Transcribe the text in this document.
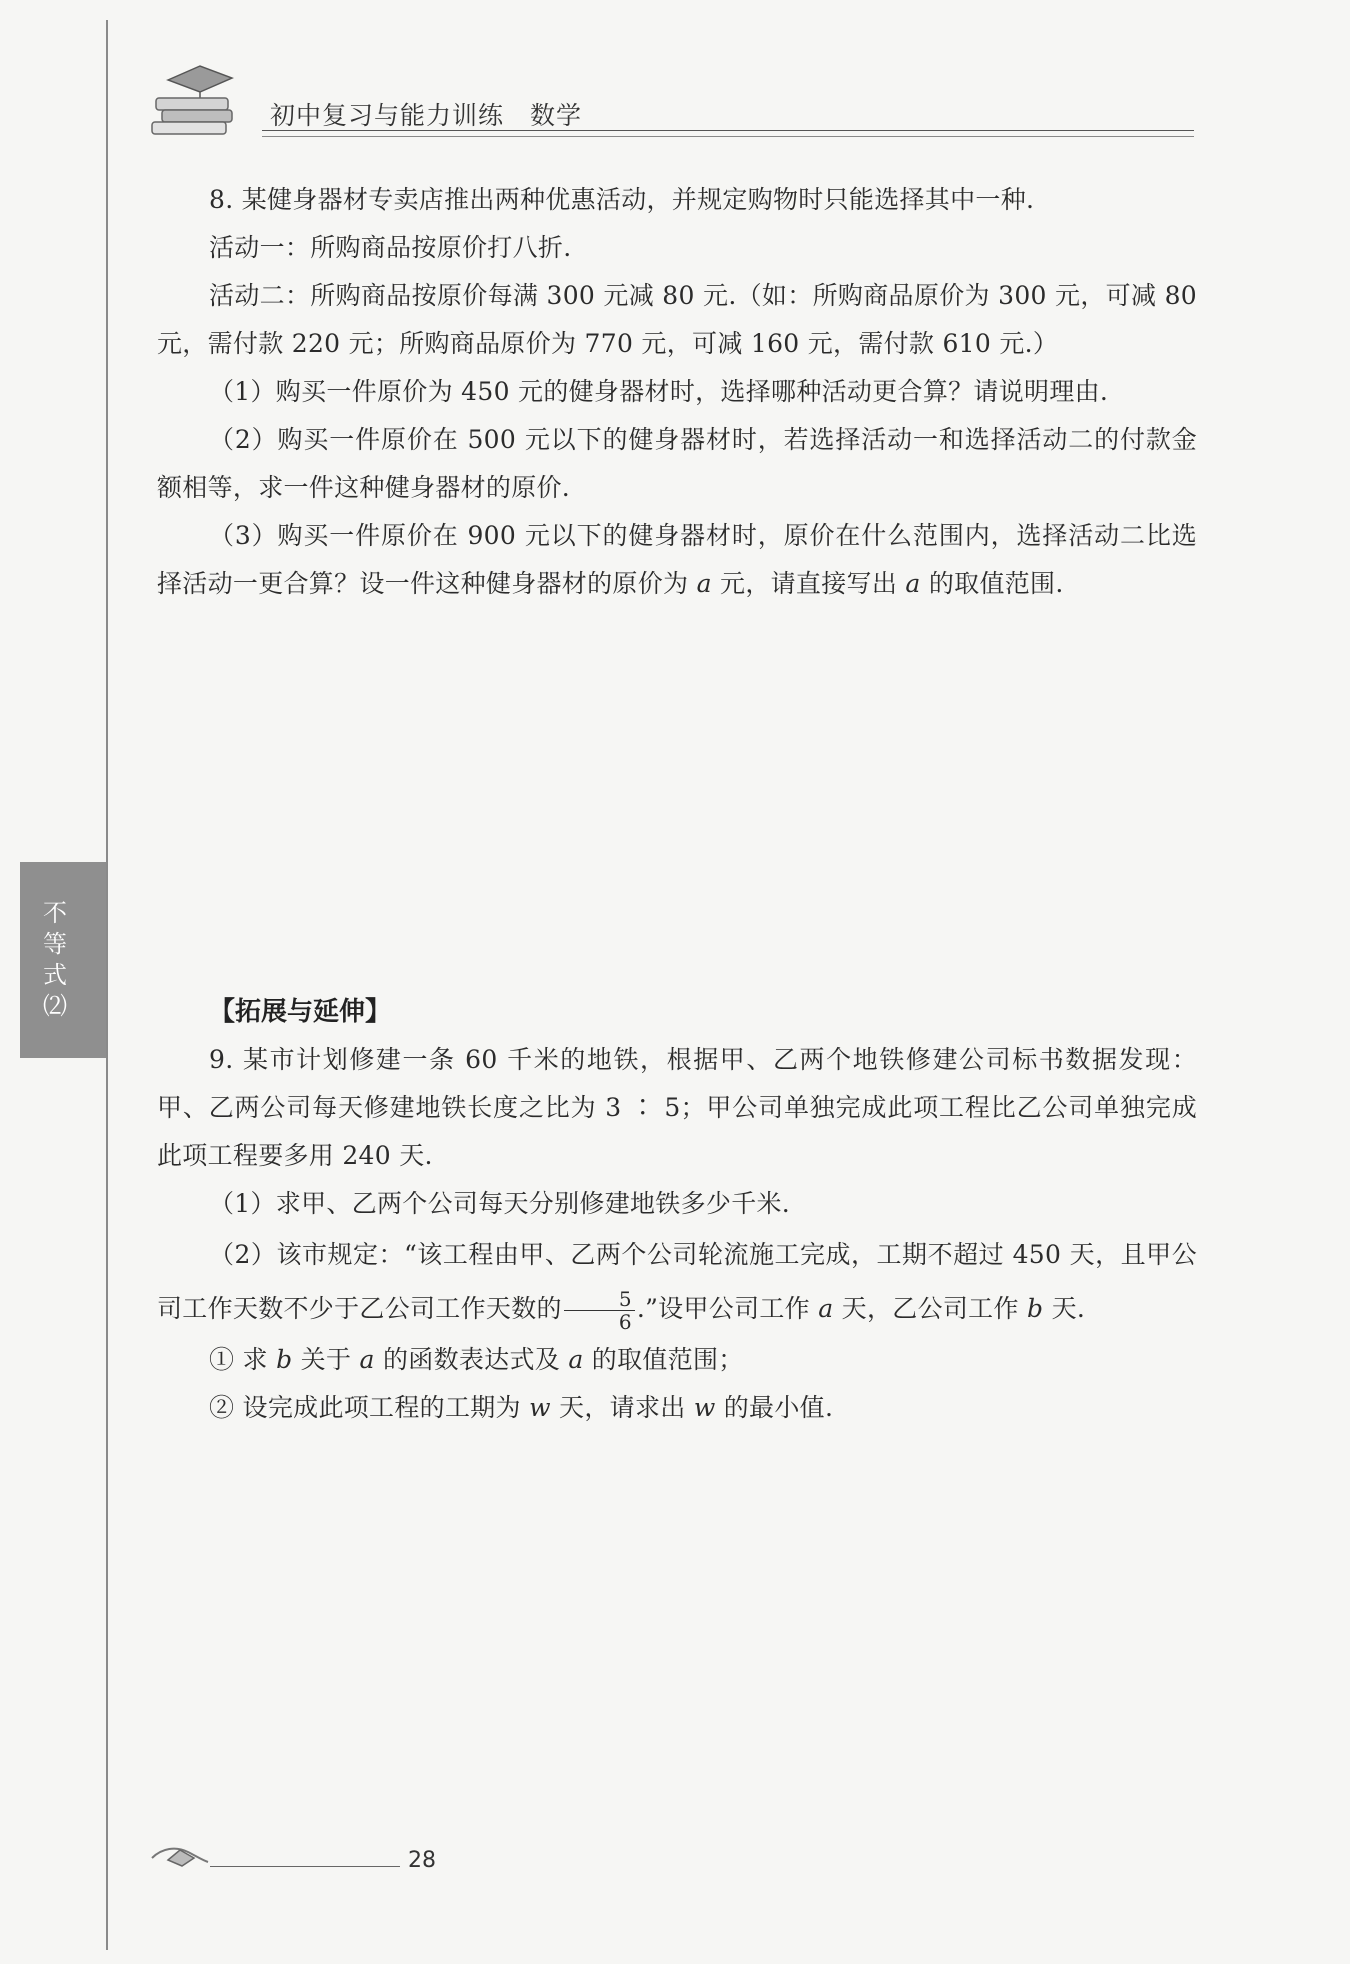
初中复习与能力训练　数学
不
等
式
⑵

8. 某健身器材专卖店推出两种优惠活动，并规定购物时只能选择其中一种.

活动一：所购商品按原价打八折.

活动二：所购商品按原价每满 300 元减 80 元.（如：所购商品原价为 300 元，可减 80 元，需付款 220 元；所购商品原价为 770 元，可减 160 元，需付款 610 元.）

（1）购买一件原价为 450 元的健身器材时，选择哪种活动更合算？请说明理由.

（2）购买一件原价在 500 元以下的健身器材时，若选择活动一和选择活动二的付款金额相等，求一件这种健身器材的原价.

（3）购买一件原价在 900 元以下的健身器材时，原价在什么范围内，选择活动二比选择活动一更合算？设一件这种健身器材的原价为 a 元，请直接写出 a 的取值范围.

【拓展与延伸】

9. 某市计划修建一条 60 千米的地铁，根据甲、乙两个地铁修建公司标书数据发现：甲、乙两公司每天修建地铁长度之比为 3 ∶ 5；甲公司单独完成此项工程比乙公司单独完成此项工程要多用 240 天.

（1）求甲、乙两个公司每天分别修建地铁多少千米.

（2）该市规定：“该工程由甲、乙两个公司轮流施工完成，工期不超过 450 天，且甲公司工作天数不少于乙公司工作天数的 $\frac{5}{6}$ .”设甲公司工作 a 天，乙公司工作 b 天.

① 求 b 关于 a 的函数表达式及 a 的取值范围；

② 设完成此项工程的工期为 w 天，请求出 w 的最小值.

28
